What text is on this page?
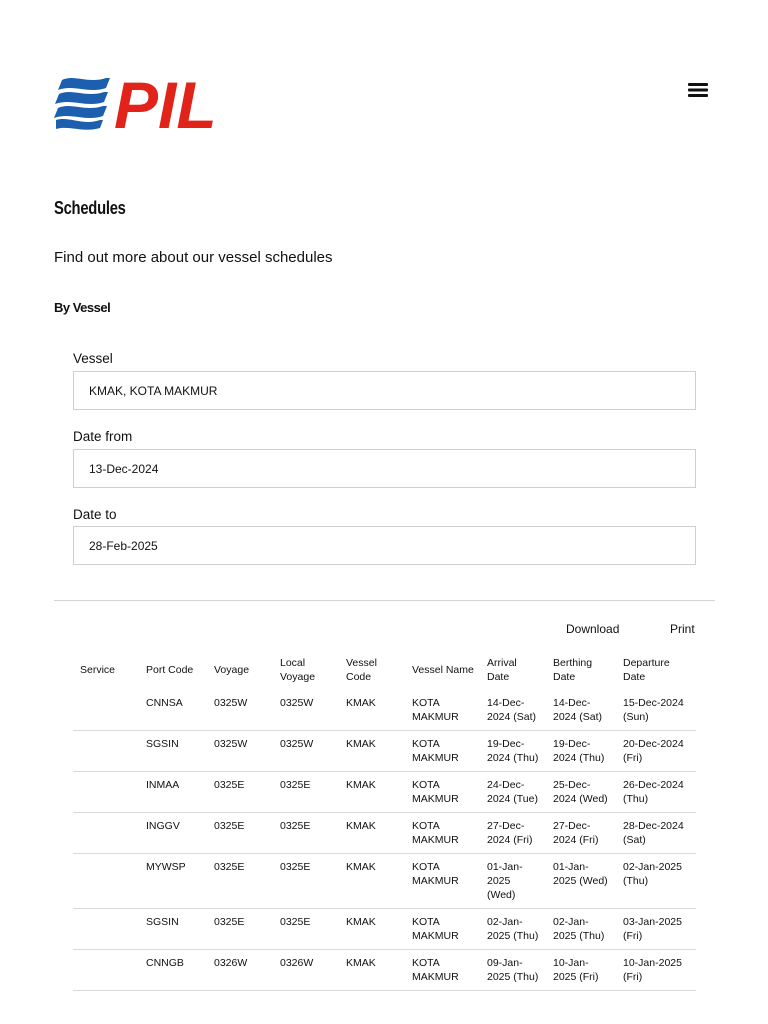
PIL
Schedules
Find out more about our vessel schedules
By Vessel
Vessel
KMAK, KOTA MAKMUR
Date from
13-Dec-2024
Date to
28-Feb-2025
Download	Print
Service	Port Code	Voyage	Local Voyage	Vessel Code	Vessel Name	Arrival Date	Berthing Date	Departure Date
	CNNSA	0325W	0325W	KMAK	KOTA MAKMUR	14-Dec-2024 (Sat)	14-Dec-2024 (Sat)	15-Dec-2024 (Sun)
	SGSIN	0325W	0325W	KMAK	KOTA MAKMUR	19-Dec-2024 (Thu)	19-Dec-2024 (Thu)	20-Dec-2024 (Fri)
	INMAA	0325E	0325E	KMAK	KOTA MAKMUR	24-Dec-2024 (Tue)	25-Dec-2024 (Wed)	26-Dec-2024 (Thu)
	INGGV	0325E	0325E	KMAK	KOTA MAKMUR	27-Dec-2024 (Fri)	27-Dec-2024 (Fri)	28-Dec-2024 (Sat)
	MYWSP	0325E	0325E	KMAK	KOTA MAKMUR	01-Jan-2025 (Wed)	01-Jan-2025 (Wed)	02-Jan-2025 (Thu)
	SGSIN	0325E	0325E	KMAK	KOTA MAKMUR	02-Jan-2025 (Thu)	02-Jan-2025 (Thu)	03-Jan-2025 (Fri)
	CNNGB	0326W	0326W	KMAK	KOTA MAKMUR	09-Jan-2025 (Thu)	10-Jan-2025 (Fri)	10-Jan-2025 (Fri)
